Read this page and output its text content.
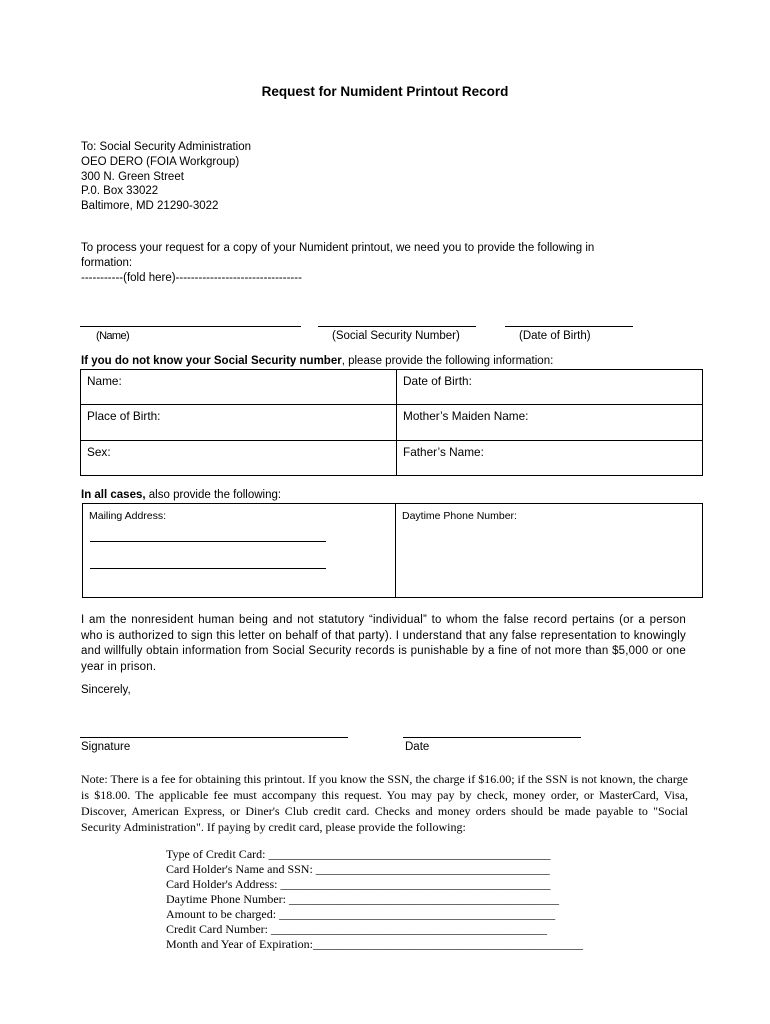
Request for Numident Printout Record
To: Social Security Administration
OEO DERO (FOIA Workgroup)
300 N. Green Street
P.0. Box 33022
Baltimore, MD 21290-3022
To process your request for a copy of your Numident printout, we need you to provide the following in
formation:
-----------(fold here)---------------------------------
(Name)	(Social Security Number)	(Date of Birth)
If you do not know your Social Security number, please provide the following information:
Name:	Date of Birth:
Place of Birth:	Mother’s Maiden Name:
Sex:	Father’s Name:
In all cases, also provide the following:
Mailing Address:	Daytime Phone Number:
I am the nonresident human being and not statutory “individual” to whom the false record pertains (or a person who is authorized to sign this letter on behalf of that party). I understand that any false representation to knowingly and willfully obtain information from Social Security records is punishable by a fine of not more than $5,000 or one year in prison.
Sincerely,
Signature	Date
Note: There is a fee for obtaining this printout. If you know the SSN, the charge if $16.00; if the SSN is not known, the charge is $18.00. The applicable fee must accompany this request. You may pay by check, money order, or MasterCard, Visa, Discover, American Express, or Diner's Club credit card. Checks and money orders should be made payable to "Social Security Administration". If paying by credit card, please provide the following:
Type of Credit Card: _______________________________________________
Card Holder's Name and SSN: _______________________________________
Card Holder's Address: _____________________________________________
Daytime Phone Number: _____________________________________________
Amount to be charged: ______________________________________________
Credit Card Number: ______________________________________________
Month and Year of Expiration:_____________________________________________
